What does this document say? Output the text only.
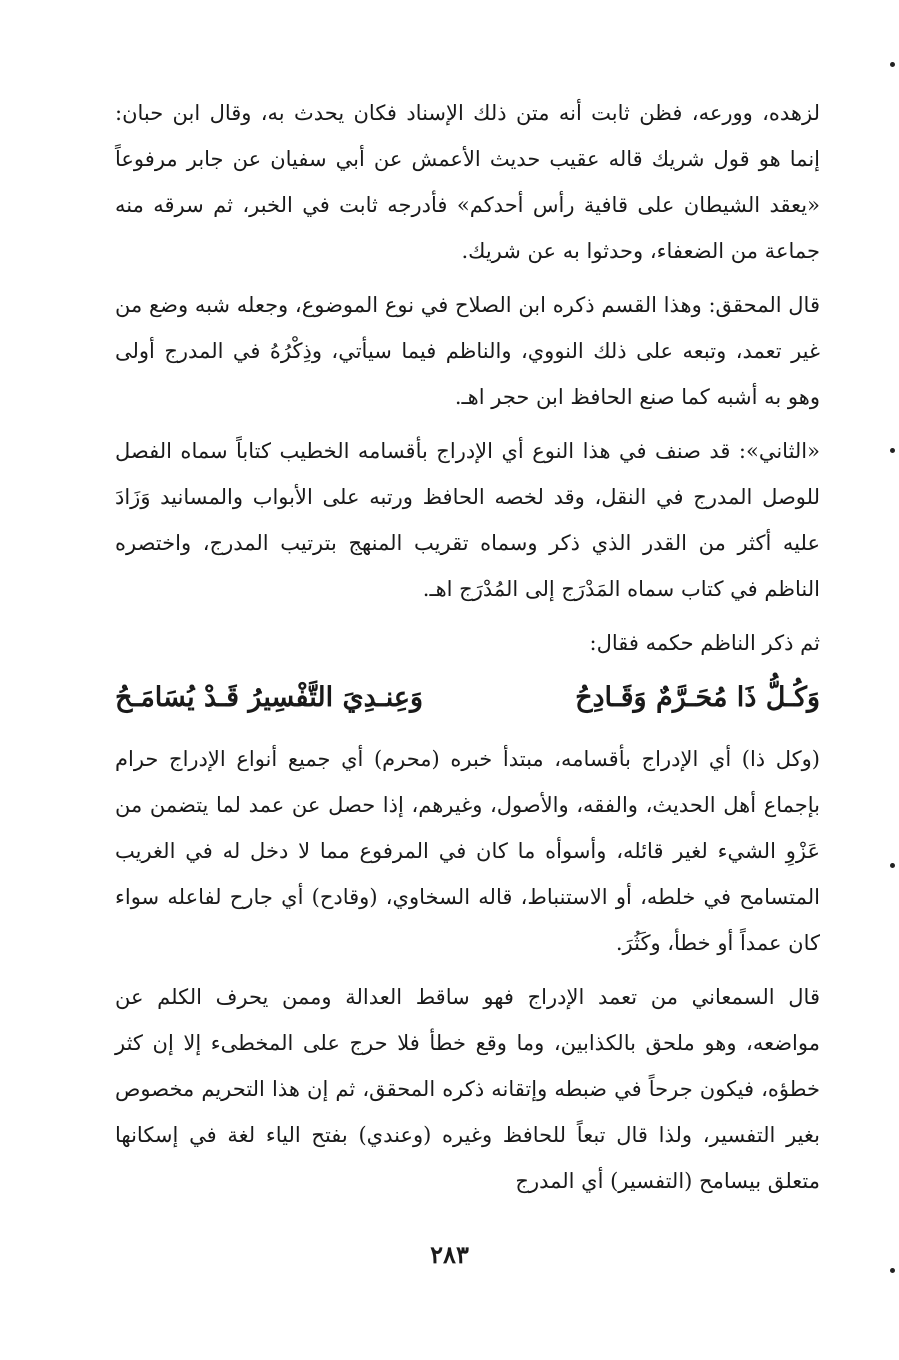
لزهده، وورعه، فظن ثابت أنه متن ذلك الإسناد فكان يحدث به، وقال ابن حبان: إنما هو قول شريك قاله عقيب حديث الأعمش عن أبي سفيان عن جابر مرفوعاً «يعقد الشيطان على قافية رأس أحدكم» فأدرجه ثابت في الخبر، ثم سرقه منه جماعة من الضعفاء، وحدثوا به عن شريك.

قال المحقق: وهذا القسم ذكره ابن الصلاح في نوع الموضوع، وجعله شبه وضع من غير تعمد، وتبعه على ذلك النووي، والناظم فيما سيأتي، وذِكْرُهُ في المدرج أولى وهو به أشبه كما صنع الحافظ ابن حجر اهـ.

«الثاني»: قد صنف في هذا النوع أي الإدراج بأقسامه الخطيب كتاباً سماه الفصل للوصل المدرج في النقل، وقد لخصه الحافظ ورتبه على الأبواب والمسانيد وَزَادَ عليه أكثر من القدر الذي ذكر وسماه تقريب المنهج بترتيب المدرج، واختصره الناظم في كتاب سماه المَدْرَج إلى المُدْرَج اهـ.

ثم ذكر الناظم حكمه فقال:

وَكُـلُّ ذَا مُحَـرَّمٌ وَقَـادِحُ
وَعِنـدِيَ التَّفْسِيرُ قَـدْ يُسَامَـحُ

(وكل ذا) أي الإدراج بأقسامه، مبتدأ خبره (محرم) أي جميع أنواع الإدراج حرام بإجماع أهل الحديث، والفقه، والأصول، وغيرهم، إذا حصل عن عمد لما يتضمن من عَزْوِ الشيء لغير قائله، وأسوأه ما كان في المرفوع مما لا دخل له في الغريب المتسامح في خلطه، أو الاستنباط، قاله السخاوي، (وقادح) أي جارح لفاعله سواء كان عمداً أو خطأ، وكَثُرَ.

قال السمعاني من تعمد الإدراج فهو ساقط العدالة وممن يحرف الكلم عن مواضعه، وهو ملحق بالكذابين، وما وقع خطأ فلا حرج على المخطىء إلا إن كثر خطؤه، فيكون جرحاً في ضبطه وإتقانه ذكره المحقق، ثم إن هذا التحريم مخصوص بغير التفسير، ولذا قال تبعاً للحافظ وغيره (وعندي) بفتح الياء لغة في إسكانها متعلق بيسامح (التفسير) أي المدرج

٢٨٣
